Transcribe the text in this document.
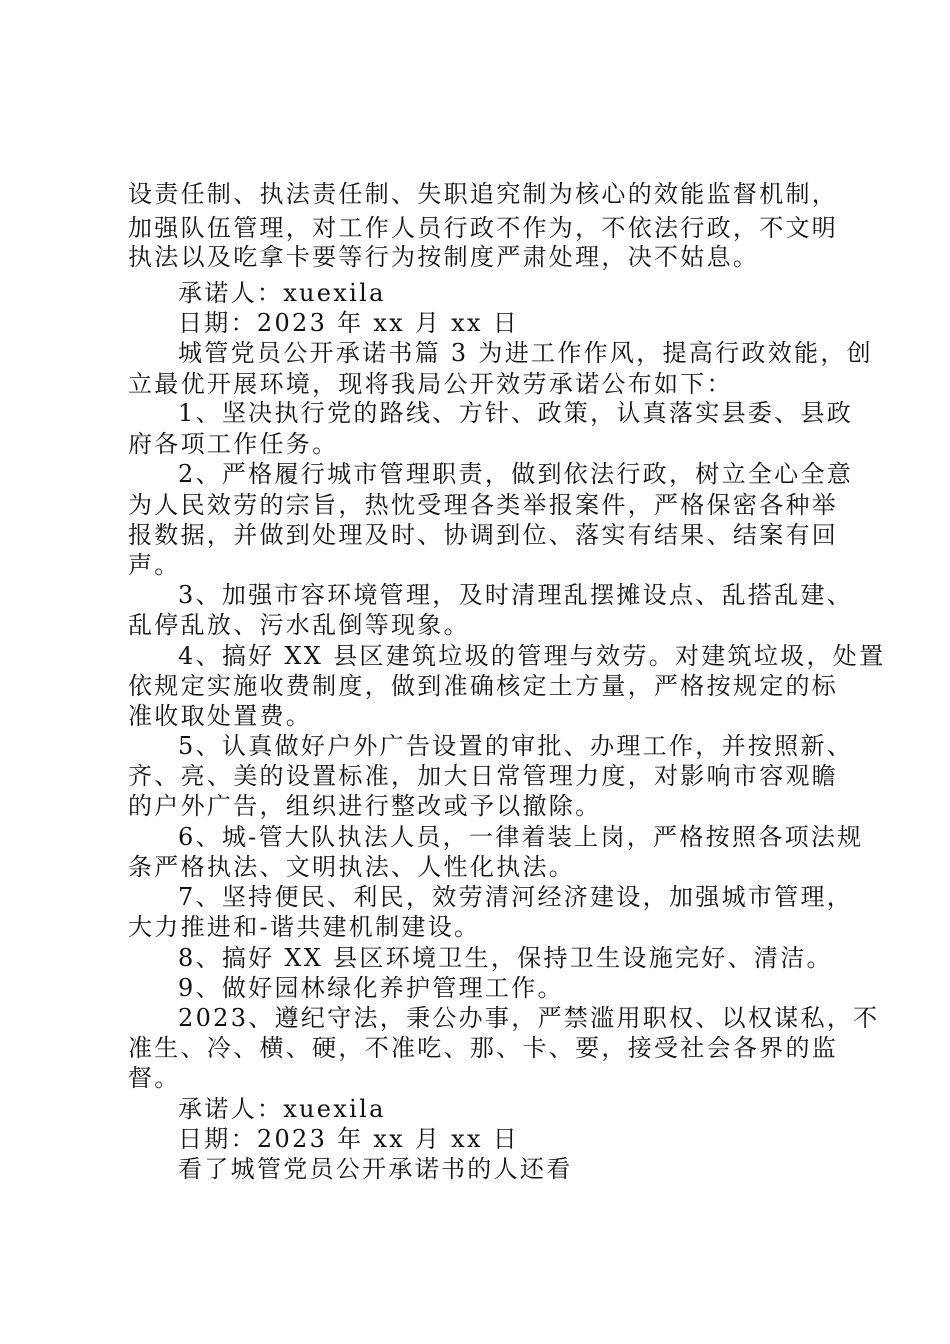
设责任制、执法责任制、失职追究制为核心的效能监督机制，
加强队伍管理，对工作人员行政不作为，不依法行政，不文明
执法以及吃拿卡要等行为按制度严肃处理，决不姑息。
承诺人：xuexila
日期：2023 年 xx 月 xx 日
城管党员公开承诺书篇 3 为进工作作风，提高行政效能，创
立最优开展环境，现将我局公开效劳承诺公布如下：
1、坚决执行党的路线、方针、政策，认真落实县委、县政
府各项工作任务。
2、严格履行城市管理职责，做到依法行政，树立全心全意
为人民效劳的宗旨，热忱受理各类举报案件，严格保密各种举
报数据，并做到处理及时、协调到位、落实有结果、结案有回
声。
3、加强市容环境管理，及时清理乱摆摊设点、乱搭乱建、
乱停乱放、污水乱倒等现象。
4、搞好 XX 县区建筑垃圾的管理与效劳。对建筑垃圾，处置
依规定实施收费制度，做到准确核定土方量，严格按规定的标
准收取处置费。
5、认真做好户外广告设置的审批、办理工作，并按照新、
齐、亮、美的设置标准，加大日常管理力度，对影响市容观瞻
的户外广告，组织进行整改或予以撤除。
6、城-管大队执法人员，一律着装上岗，严格按照各项法规
条严格执法、文明执法、人性化执法。
7、坚持便民、利民，效劳清河经济建设，加强城市管理，
大力推进和-谐共建机制建设。
8、搞好 XX 县区环境卫生，保持卫生设施完好、清洁。
9、做好园林绿化养护管理工作。
2023、遵纪守法，秉公办事，严禁滥用职权、以权谋私，不
准生、冷、横、硬，不准吃、那、卡、要，接受社会各界的监
督。
承诺人：xuexila
日期：2023 年 xx 月 xx 日
看了城管党员公开承诺书的人还看
